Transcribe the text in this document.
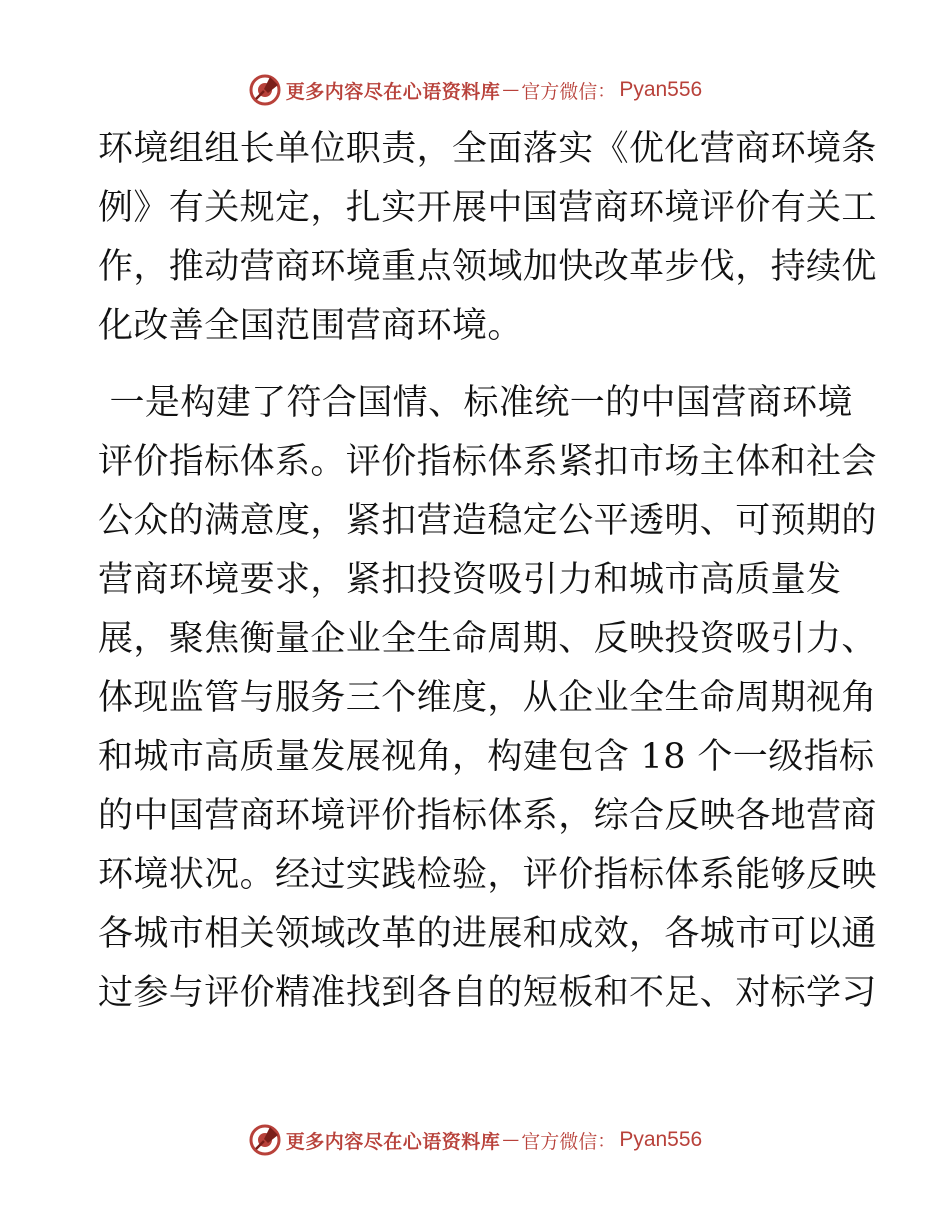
更多内容尽在心语资料库 — 官方微信 ： Pyan556

环境组组长单位职责，全面落实《优化营商环境条
例》有关规定，扎实开展中国营商环境评价有关工
作，推动营商环境重点领域加快改革步伐，持续优
化改善全国范围营商环境。

一是构建了符合国情、标准统一的中国营商环境
评价指标体系。评价指标体系紧扣市场主体和社会
公众的满意度，紧扣营造稳定公平透明、可预期的
营商环境要求，紧扣投资吸引力和城市高质量发
展，聚焦衡量企业全生命周期、反映投资吸引力、
体现监管与服务三个维度，从企业全生命周期视角
和城市高质量发展视角，构建包含 18 个一级指标
的中国营商环境评价指标体系，综合反映各地营商
环境状况。经过实践检验，评价指标体系能够反映
各城市相关领域改革的进展和成效，各城市可以通
过参与评价精准找到各自的短板和不足、对标学习

更多内容尽在心语资料库 — 官方微信 ： Pyan556
